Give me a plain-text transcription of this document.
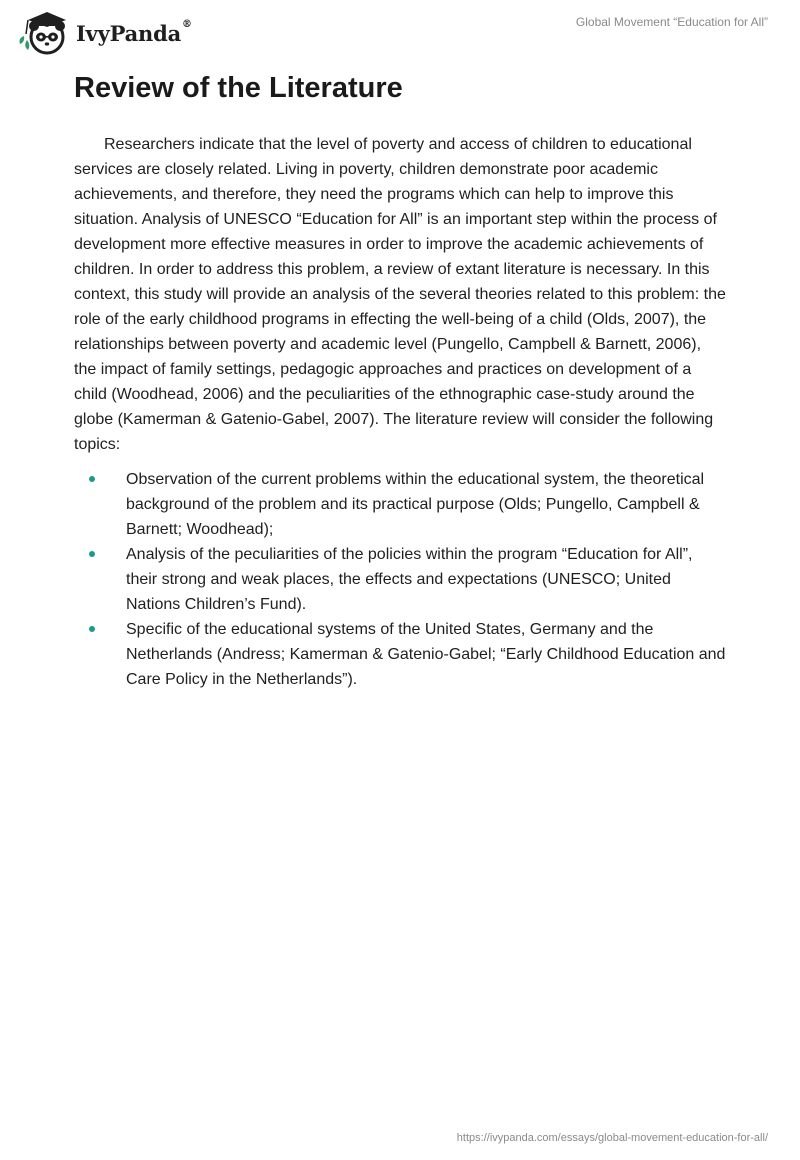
IvyPanda®	Global Movement “Education for All”
Review of the Literature

Researchers indicate that the level of poverty and access of children to educational services are closely related. Living in poverty, children demonstrate poor academic achievements, and therefore, they need the programs which can help to improve this situation. Analysis of UNESCO “Education for All” is an important step within the process of development more effective measures in order to improve the academic achievements of children. In order to address this problem, a review of extant literature is necessary. In this context, this study will provide an analysis of the several theories related to this problem: the role of the early childhood programs in effecting the well-being of a child (Olds, 2007), the relationships between poverty and academic level (Pungello, Campbell & Barnett, 2006), the impact of family settings, pedagogic approaches and practices on development of a child (Woodhead, 2006) and the peculiarities of the ethnographic case-study around the globe (Kamerman & Gatenio-Gabel, 2007). The literature review will consider the following topics:

Observation of the current problems within the educational system, the theoretical background of the problem and its practical purpose (Olds; Pungello, Campbell & Barnett; Woodhead);
Analysis of the peculiarities of the policies within the program “Education for All”, their strong and weak places, the effects and expectations (UNESCO; United Nations Children’s Fund).
Specific of the educational systems of the United States, Germany and the Netherlands (Andress; Kamerman & Gatenio-Gabel; “Early Childhood Education and Care Policy in the Netherlands”).
https://ivypanda.com/essays/global-movement-education-for-all/
